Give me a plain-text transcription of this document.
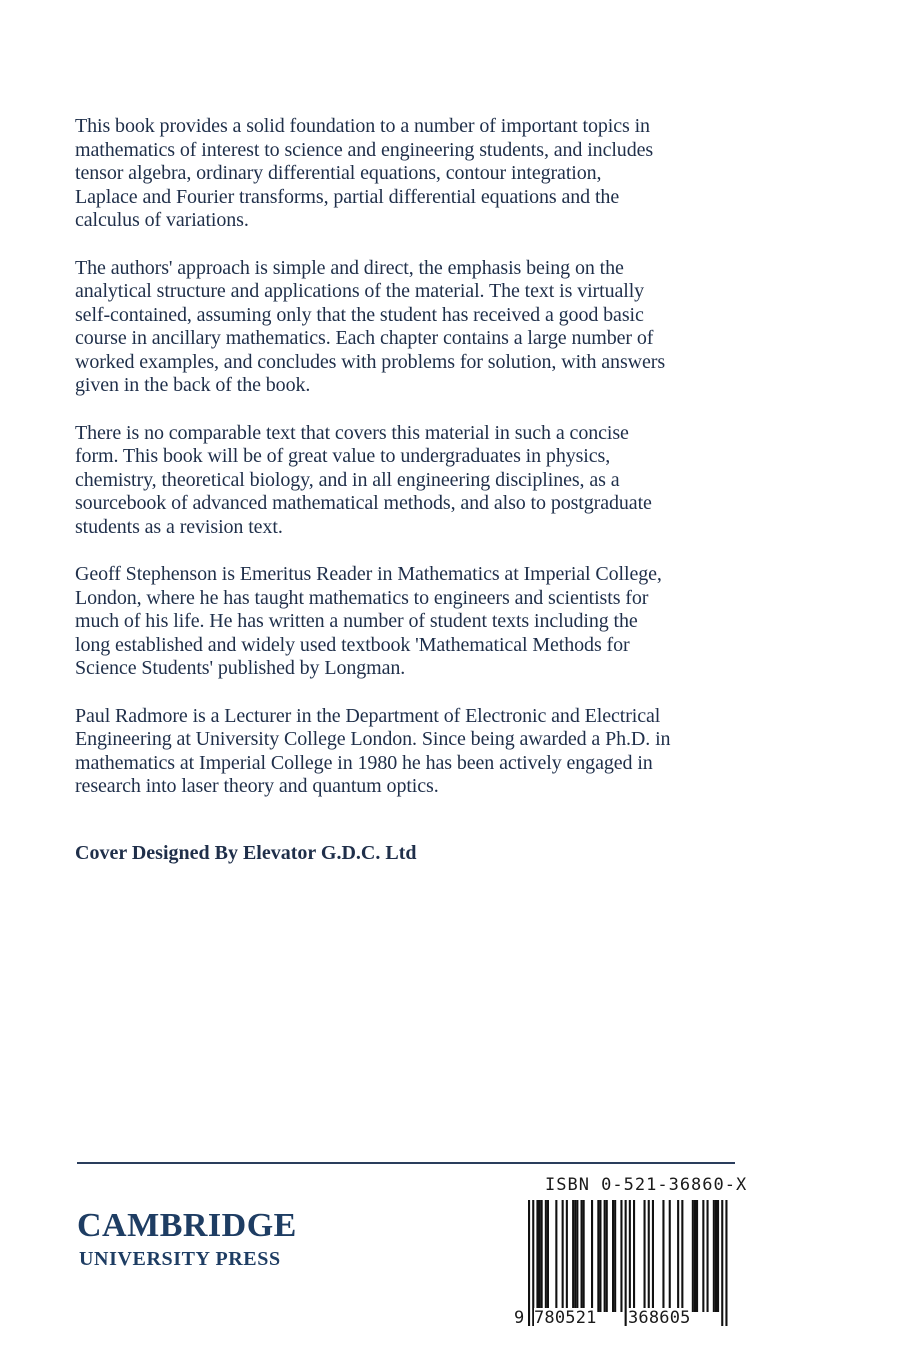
This book provides a solid foundation to a number of important topics in
mathematics of interest to science and engineering students, and includes
tensor algebra, ordinary differential equations, contour integration,
Laplace and Fourier transforms, partial differential equations and the
calculus of variations.

The authors' approach is simple and direct, the emphasis being on the
analytical structure and applications of the material. The text is virtually
self-contained, assuming only that the student has received a good basic
course in ancillary mathematics. Each chapter contains a large number of
worked examples, and concludes with problems for solution, with answers
given in the back of the book.

There is no comparable text that covers this material in such a concise
form. This book will be of great value to undergraduates in physics,
chemistry, theoretical biology, and in all engineering disciplines, as a
sourcebook of advanced mathematical methods, and also to postgraduate
students as a revision text.

Geoff Stephenson is Emeritus Reader in Mathematics at Imperial College,
London, where he has taught mathematics to engineers and scientists for
much of his life. He has written a number of student texts including the
long established and widely used textbook 'Mathematical Methods for
Science Students' published by Longman.

Paul Radmore is a Lecturer in the Department of Electronic and Electrical
Engineering at University College London. Since being awarded a Ph.D. in
mathematics at Imperial College in 1980 he has been actively engaged in
research into laser theory and quantum optics.

Cover Designed By Elevator G.D.C. Ltd
CAMBRIDGE
UNIVERSITY PRESS
ISBN 0-521-36860-X
9 780521 368605
